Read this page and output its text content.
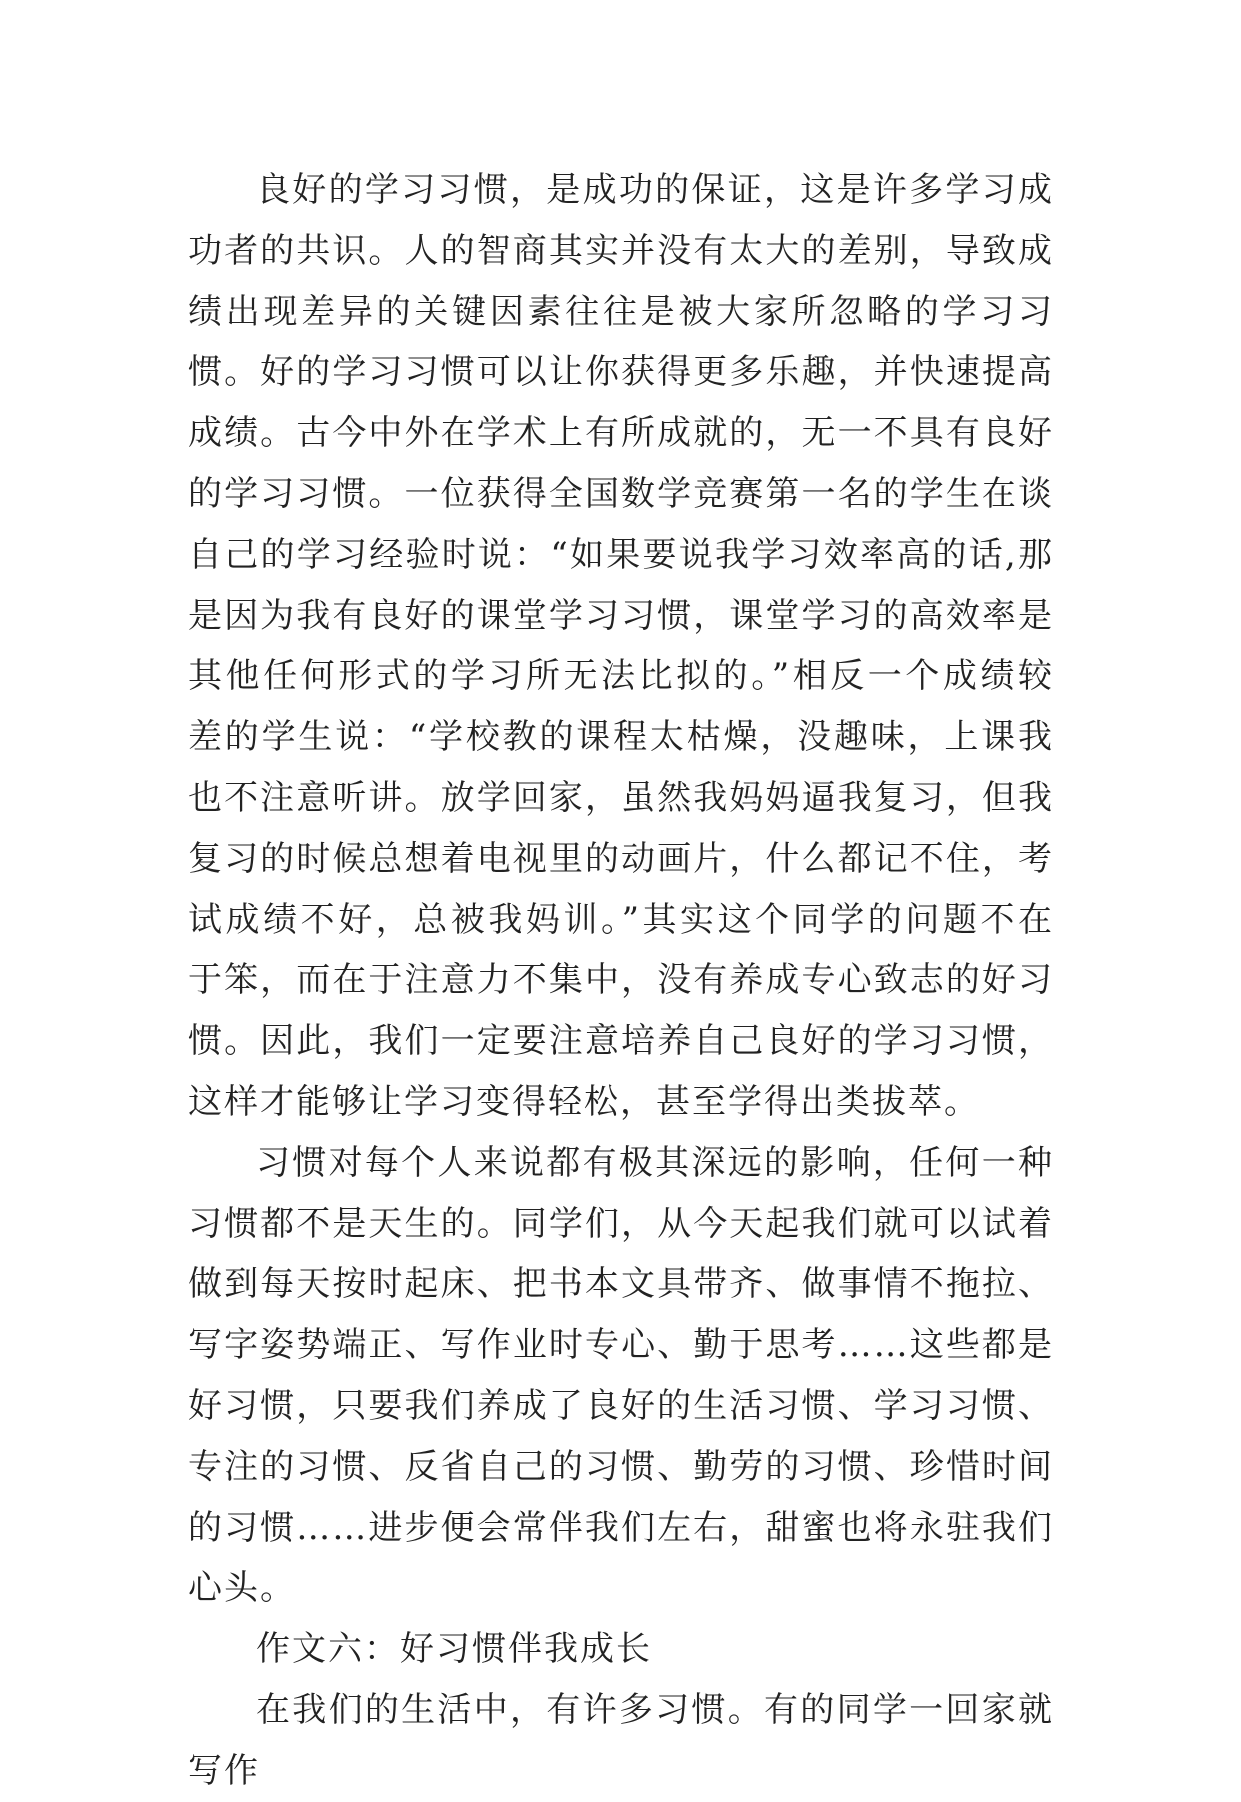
良好的学习习惯，是成功的保证，这是许多学习成功者的共识。人的智商其实并没有太大的差别，导致成绩出现差异的关键因素往往是被大家所忽略的学习习惯。好的学习习惯可以让你获得更多乐趣，并快速提高成绩。古今中外在学术上有所成就的，无一不具有良好的学习习惯。一位获得全国数学竞赛第一名的学生在谈自己的学习经验时说：“如果要说我学习效率高的话,那是因为我有良好的课堂学习习惯，课堂学习的高效率是其他任何形式的学习所无法比拟的。”相反一个成绩较差的学生说：“学校教的课程太枯燥，没趣味，上课我也不注意听讲。放学回家，虽然我妈妈逼我复习，但我复习的时候总想着电视里的动画片，什么都记不住，考试成绩不好，总被我妈训。”其实这个同学的问题不在于笨，而在于注意力不集中，没有养成专心致志的好习惯。因此，我们一定要注意培养自己良好的学习习惯，这样才能够让学习变得轻松，甚至学得出类拔萃。

习惯对每个人来说都有极其深远的影响，任何一种习惯都不是天生的。同学们，从今天起我们就可以试着做到每天按时起床、把书本文具带齐、做事情不拖拉、写字姿势端正、写作业时专心、勤于思考……这些都是好习惯，只要我们养成了良好的生活习惯、学习习惯、专注的习惯、反省自己的习惯、勤劳的习惯、珍惜时间的习惯……进步便会常伴我们左右，甜蜜也将永驻我们心头。

作文六：好习惯伴我成长

在我们的生活中，有许多习惯。有的同学一回家就写作
